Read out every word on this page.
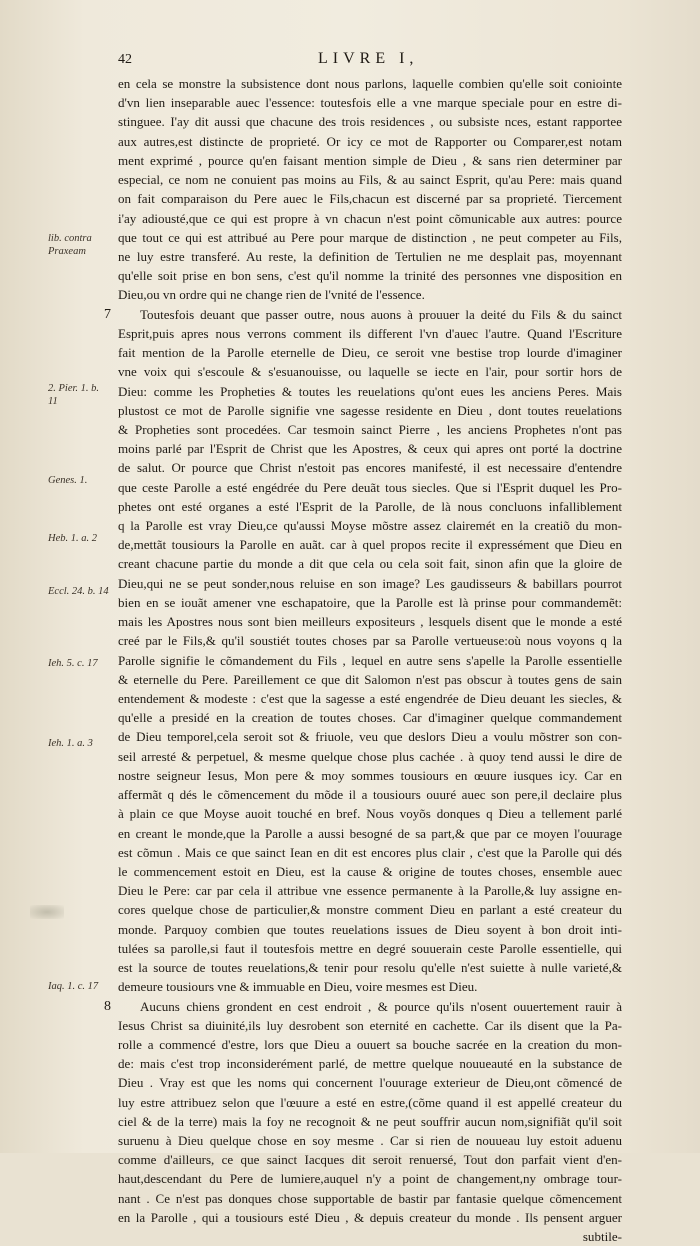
42	LIVRE I,
lib. contra Praxeam
2. Pier. 1. b. 11
Genes. 1.
Heb. 1. a. 2
Eccl. 24. b. 14
Ieh. 5. c. 17
Ieh. 1. a. 3
Iaq. 1. c. 17
en cela se monstre la subsistence dont nous parlons, laquelle combien qu'elle soit coniointe
d'vn lien inseparable auec l'essence: toutesfois elle a vne marque speciale pour en estre di-
stinguee. I'ay dit aussi que chacune des trois residences , ou subsiste nces, estant rapportee
aux autres,est distincte de proprieté. Or icy ce mot de Rapporter ou Comparer,est notam
ment exprimé , pource qu'en faisant mention simple de Dieu , & sans rien determiner par
especial, ce nom ne conuient pas moins au Fils, & au sainct Esprit, qu'au Pere: mais quand
on fait comparaison du Pere auec le Fils,chacun est discerné par sa proprieté. Tiercement
i'ay adiousté,que ce qui est propre à vn chacun n'est point cõmunicable aux autres: pource
que tout ce qui est attribué au Pere pour marque de distinction , ne peut competer au Fils,
ne luy estre transferé. Au reste, la definition de Tertulien ne me desplait pas, moyennant
qu'elle soit prise en bon sens, c'est qu'il nomme la trinité des personnes vne disposition en
Dieu,ou vn ordre qui ne change rien de l'vnité de l'essence.
7	Toutesfois deuant que passer outre, nous auons à prouuer la deité du Fils & du sainct
Esprit,puis apres nous verrons comment ils different l'vn d'auec l'autre. Quand l'Escriture
fait mention de la Parolle eternelle de Dieu, ce seroit vne bestise trop lourde d'imaginer
vne voix qui s'escoule & s'esuanouisse, ou laquelle se iecte en l'air, pour sortir hors de
Dieu: comme les Propheties & toutes les reuelations qu'ont eues les anciens Peres. Mais
plustost ce mot de Parolle signifie vne sagesse residente en Dieu , dont toutes reuelations
& Propheties sont procedées. Car tesmoin sainct Pierre , les anciens Prophetes n'ont pas
moins parlé par l'Esprit de Christ que les Apostres, & ceux qui apres ont porté la doctrine
de salut. Or pource que Christ n'estoit pas encores manifesté, il est necessaire d'entendre
que ceste Parolle a esté engédrée du Pere deuãt tous siecles. Que si l'Esprit duquel les Pro-
phetes ont esté organes a esté l'Esprit de la Parolle, de là nous concluons infalliblement
q la Parolle est vray Dieu,ce qu'aussi Moyse mõstre assez clairemét en la creatiõ du mon-
de,mettãt tousiours la Parolle en auãt. car à quel propos recite il expressément que Dieu en
creant chacune partie du monde a dit que cela ou cela soit fait, sinon afin que la gloire de
Dieu,qui ne se peut sonder,nous reluise en son image? Les gaudisseurs & babillars pourrot
bien en se iouãt amener vne eschapatoire, que la Parolle est là prinse pour commandemẽt:
mais les Apostres nous sont bien meilleurs expositeurs , lesquels disent que le monde a esté
creé par le Fils,& qu'il soustiét toutes choses par sa Parolle vertueuse:où nous voyons q la
Parolle signifie le cõmandement du Fils , lequel en autre sens s'apelle la Parolle essentielle
& eternelle du Pere. Pareillement ce que dit Salomon n'est pas obscur à toutes gens de sain
entendement & modeste : c'est que la sagesse a esté engendrée de Dieu deuant les siecles, &
qu'elle a presidé en la creation de toutes choses. Car d'imaginer quelque commandement
de Dieu temporel,cela seroit sot & friuole, veu que deslors Dieu a voulu mõstrer son con-
seil arresté & perpetuel, & mesme quelque chose plus cachée . à quoy tend aussi le dire de
nostre seigneur Iesus, Mon pere & moy sommes tousiours en œuure iusques icy. Car en
affermãt q dés le cõmencement du mõde il a tousiours ouuré auec son pere,il declaire plus
à plain ce que Moyse auoit touché en bref. Nous voyõs donques q Dieu a tellement parlé
en creant le monde,que la Parolle a aussi besogné de sa part,& que par ce moyen l'ouurage
est cõmun . Mais ce que sainct Iean en dit est encores plus clair , c'est que la Parolle qui dés
le commencement estoit en Dieu, est la cause & origine de toutes choses, ensemble auec
Dieu le Pere: car par cela il attribue vne essence permanente à la Parolle,& luy assigne en-
cores quelque chose de particulier,& monstre comment Dieu en parlant a esté createur du
monde. Parquoy combien que toutes reuelations issues de Dieu soyent à bon droit inti-
tulées sa parolle,si faut il toutesfois mettre en degré souuerain ceste Parolle essentielle, qui
est la source de toutes reuelations,& tenir pour resolu qu'elle n'est suiette à nulle varieté,&
demeure tousiours vne & immuable en Dieu, voire mesmes est Dieu.
8	Aucuns chiens grondent en cest endroit , & pource qu'ils n'osent ouuertement rauir à
Iesus Christ sa diuinité,ils luy desrobent son eternité en cachette. Car ils disent que la Pa-
rolle a commencé d'estre, lors que Dieu a ouuert sa bouche sacrée en la creation du mon-
de: mais c'est trop inconsiderément parlé, de mettre quelque nouueauté en la substance de
Dieu . Vray est que les noms qui concernent l'ouurage exterieur de Dieu,ont cõmencé de
luy estre attribuez selon que l'œuure a esté en estre,(cõme quand il est appellé createur du
ciel & de la terre) mais la foy ne recognoit & ne peut souffrir aucun nom,signifiãt qu'il soit
suruenu à Dieu quelque chose en soy mesme . Car si rien de nouueau luy estoit aduenu
comme d'ailleurs, ce que sainct Iacques dit seroit renuersé, Tout don parfait vient d'en-
haut,descendant du Pere de lumiere,auquel n'y a point de changement,ny ombrage tour-
nant . Ce n'est pas donques chose supportable de bastir par fantasie quelque cõmencement
en la Parolle , qui a tousiours esté Dieu , & depuis createur du monde . Ils pensent arguer
subtile-
